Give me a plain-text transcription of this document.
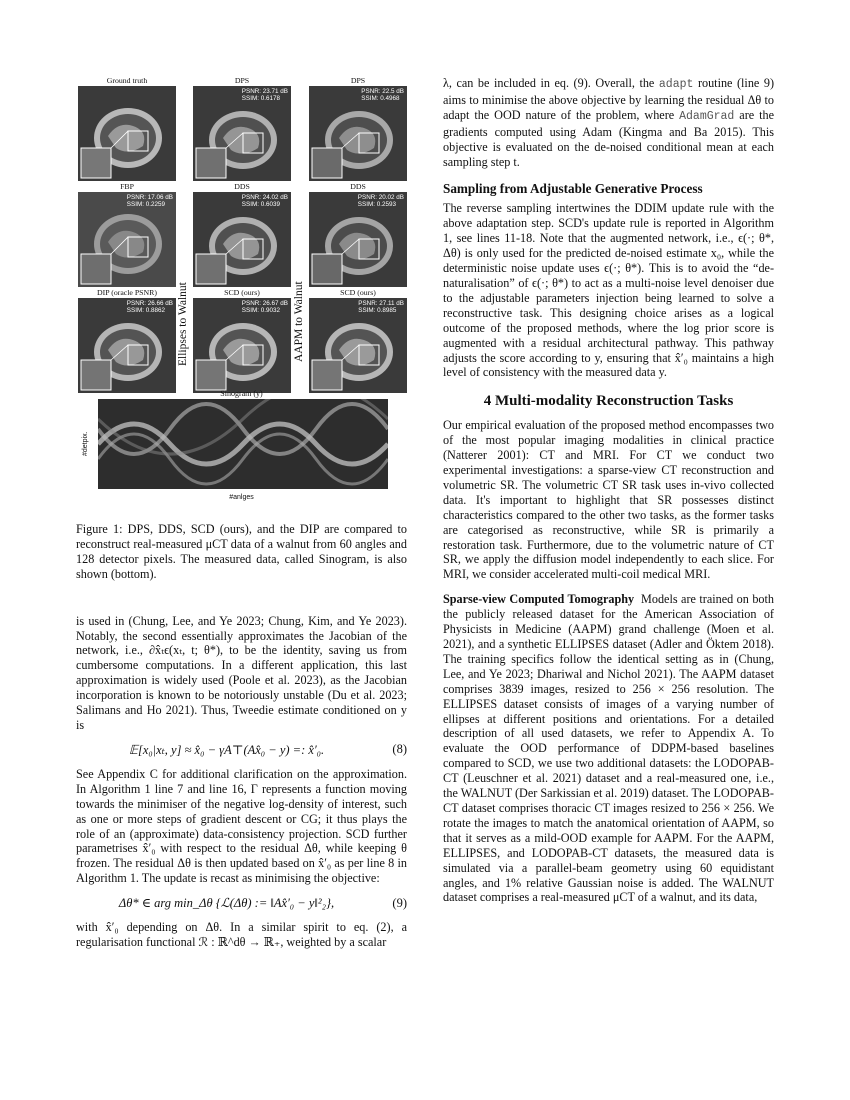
Ground truth	DPS
PSNR: 23.71 dB
SSIM: 0.6178
DPS
PSNR: 22.5 dB
SSIM: 0.4968
FBP
PSNR: 17.06 dB
SSIM: 0.2259
DDS
PSNR: 24.02 dB
SSIM: 0.6039
DDS
PSNR: 20.02 dB
SSIM: 0.2593
DIP (oracle PSNR)
PSNR: 26.66 dB
SSIM: 0.8862
SCD (ours)
PSNR: 26.67 dB
SSIM: 0.9032
SCD (ours)
PSNR: 27.11 dB
SSIM: 0.8985
Ellipses to Walnut	AAPM to Walnut
Sinogram (y)
#detpix.
#anlges

Figure 1: DPS, DDS, SCD (ours), and the DIP are compared to reconstruct real-measured μCT data of a walnut from 60 angles and 128 detector pixels. The measured data, called Sinogram, is also shown (bottom).

is used in (Chung, Lee, and Ye 2023; Chung, Kim, and Ye 2023). Notably, the second essentially approximates the Jacobian of the network, i.e., ∂x̂ₜϵ(xₜ, t; θ*), to be the identity, saving us from cumbersome computations. In a different application, this last approximation is widely used (Poole et al. 2023), as the Jacobian incorporation is known to be notoriously unstable (Du et al. 2023; Salimans and Ho 2021). Thus, Tweedie estimate conditioned on y is

𝔼[x₀|xₜ, y] ≈ x̂₀ − γA⊤(Ax̂₀ − y) =: x̂′₀.	(8)

See Appendix C for additional clarification on the approximation. In Algorithm 1 line 7 and line 16, Γ represents a function moving towards the minimiser of the negative log-density of interest, such as one or more steps of gradient descent or CG; it thus plays the role of an (approximate) data-consistency projection. SCD further parametrises x̂′₀ with respect to the residual Δθ, while keeping θ frozen. The residual Δθ is then updated based on x̂′₀ as per line 8 in Algorithm 1. The update is recast as minimising the objective:

Δθ* ∈ arg min_Δθ {ℒ(Δθ) := ‖Ax̂′₀ − y‖²₂},	(9)

with x̂′₀ depending on Δθ. In a similar spirit to eq. (2), a regularisation functional ℛ : ℝ^dθ → ℝ₊, weighted by a scalar

λ, can be included in eq. (9). Overall, the adapt routine (line 9) aims to minimise the above objective by learning the residual Δθ to adapt the OOD nature of the problem, where AdamGrad are the gradients computed using Adam (Kingma and Ba 2015). This objective is evaluated on the de-noised conditional mean at each sampling step t.

Sampling from Adjustable Generative Process

The reverse sampling intertwines the DDIM update rule with the above adaptation step. SCD's update rule is reported in Algorithm 1, see lines 11-18. Note that the augmented network, i.e., ϵ(·; θ*, Δθ) is only used for the predicted de-noised estimate x₀, while the deterministic noise update uses ϵ(·; θ*). This is to avoid the “de-naturalisation” of ϵ(·; θ*) to act as a multi-noise level denoiser due to the adjustable parameters injection being learned to solve a reconstructive task. This designing choice arises as a logical outcome of the proposed methods, where the log prior score is augmented with a residual architectural pathway. This pathway adjusts the score according to y, ensuring that x̂′₀ maintains a high level of consistency with the measured data y.

4 Multi-modality Reconstruction Tasks

Our empirical evaluation of the proposed method encompasses two of the most popular imaging modalities in clinical practice (Natterer 2001): CT and MRI. For CT we conduct two experimental investigations: a sparse-view CT reconstruction and volumetric SR. The volumetric CT SR task uses in-vivo collected data. It's important to highlight that SR possesses distinct characteristics compared to the other two tasks, as the former tasks are categorised as reconstructive, while SR is primarily a restoration task. Furthermore, due to the volumetric nature of CT SR, we apply the diffusion model independently to each slice. For MRI, we consider accelerated multi-coil medical MRI.

Sparse-view Computed Tomography Models are trained on both the publicly released dataset for the American Association of Physicists in Medicine (AAPM) grand challenge (Moen et al. 2021), and a synthetic ELLIPSES dataset (Adler and Öktem 2018). The training specifics follow the identical setting as in (Chung, Lee, and Ye 2023; Dhariwal and Nichol 2021). The AAPM dataset comprises 3839 images, resized to 256 × 256 resolution. The ELLIPSES dataset consists of images of a varying number of ellipses at different positions and orientations. For a detailed description of all used datasets, we refer to Appendix A. To evaluate the OOD performance of DDPM-based baselines compared to SCD, we use two additional datasets: the LODOPAB-CT (Leuschner et al. 2021) dataset and a real-measured one, i.e., the WALNUT (Der Sarkissian et al. 2019) dataset. The LODOPAB-CT dataset comprises thoracic CT images resized to 256 × 256. We rotate the images to match the anatomical orientation of AAPM, so that it serves as a mild-OOD example for AAPM. For the AAPM, ELLIPSES, and LODOPAB-CT datasets, the measured data is simulated via a parallel-beam geometry using 60 equidistant angles, and 1% relative Gaussian noise is added. The WALNUT dataset comprises a real-measured μCT of a walnut, and its data,
